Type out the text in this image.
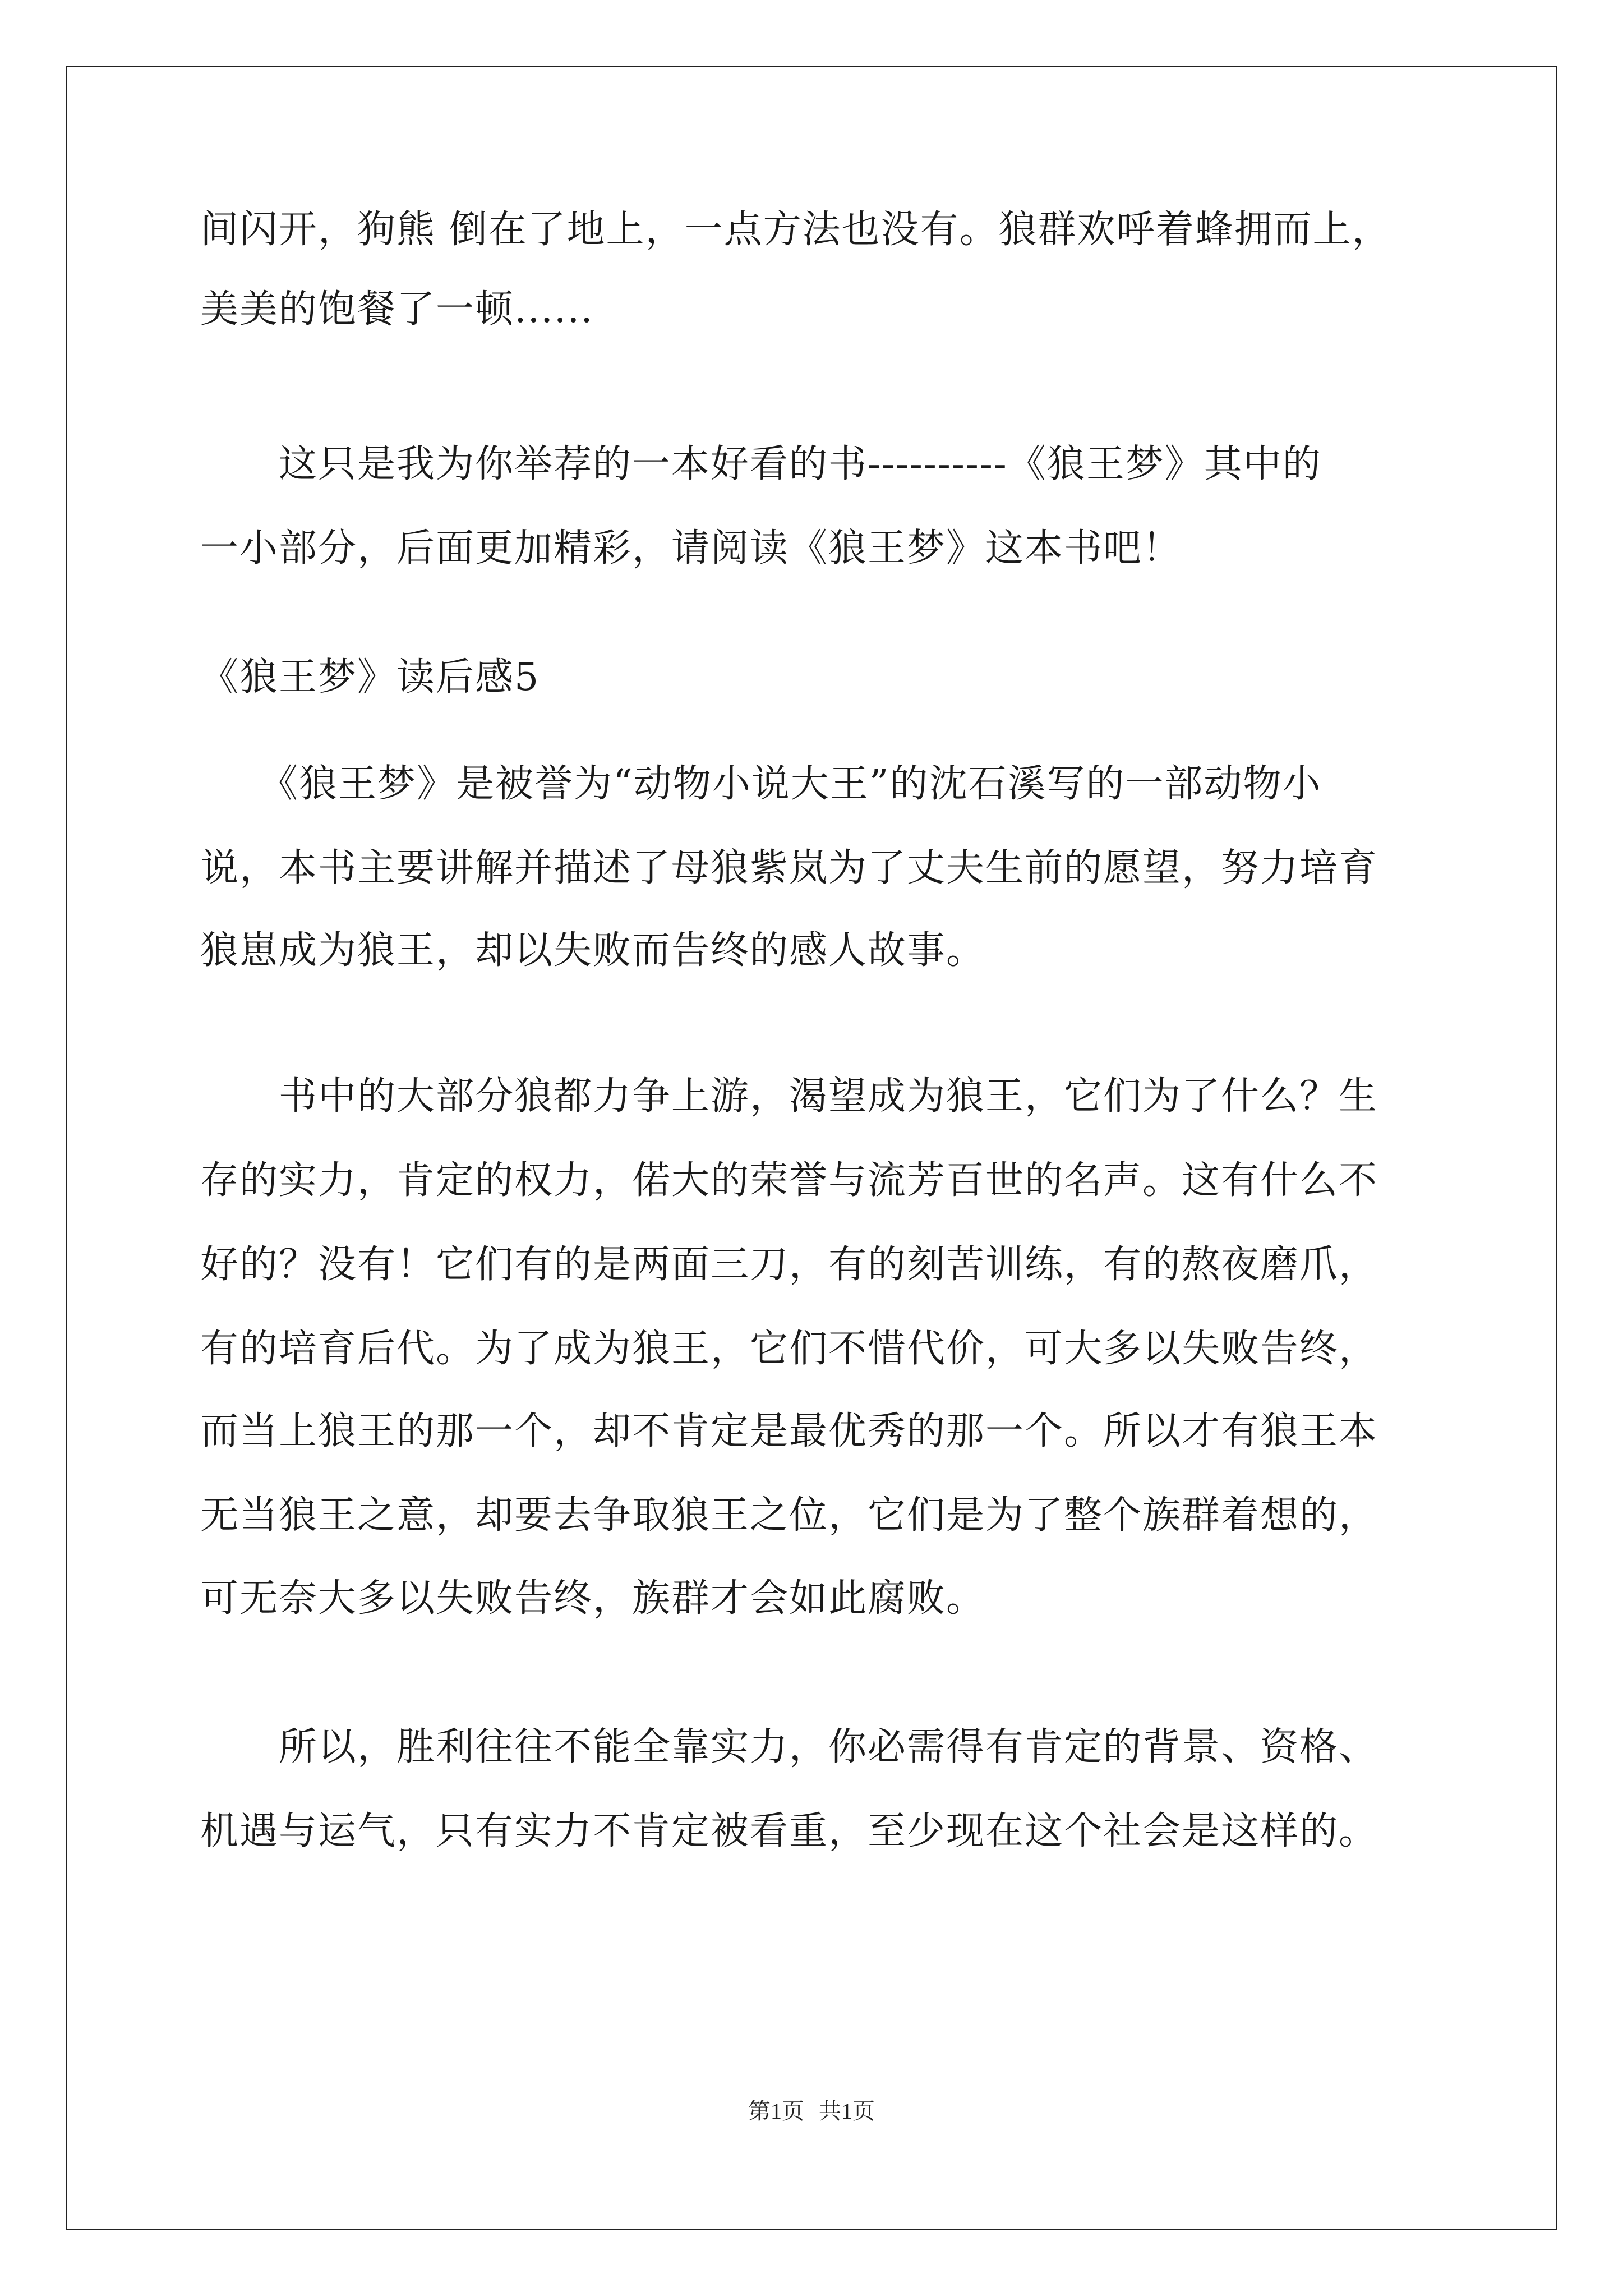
间闪开，狗熊 倒在了地上，一点方法也没有。狼群欢呼着蜂拥而上，

美美的饱餐了一顿......

　　这只是我为你举荐的一本好看的书----------《狼王梦》其中的

一小部分，后面更加精彩，请阅读《狼王梦》这本书吧！

《狼王梦》读后感5

　　《狼王梦》是被誉为“动物小说大王”的沈石溪写的一部动物小

说，本书主要讲解并描述了母狼紫岚为了丈夫生前的愿望，努力培育

狼崽成为狼王，却以失败而告终的感人故事。

　　书中的大部分狼都力争上游，渴望成为狼王，它们为了什么？生

存的实力，肯定的权力，偌大的荣誉与流芳百世的名声。这有什么不

好的？没有！它们有的是两面三刀，有的刻苦训练，有的熬夜磨爪，

有的培育后代。为了成为狼王，它们不惜代价，可大多以失败告终，

而当上狼王的那一个，却不肯定是最优秀的那一个。所以才有狼王本

无当狼王之意，却要去争取狼王之位，它们是为了整个族群着想的，

可无奈大多以失败告终，族群才会如此腐败。

　　所以，胜利往往不能全靠实力，你必需得有肯定的背景、资格、

机遇与运气，只有实力不肯定被看重，至少现在这个社会是这样的。

第1页 共1页
